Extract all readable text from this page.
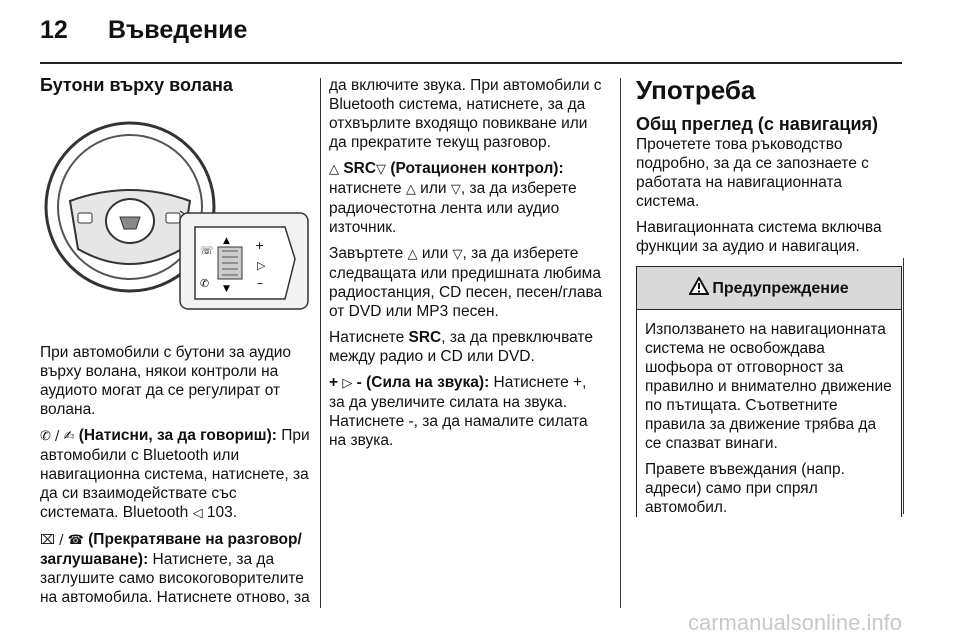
12 Въведение
Бутони върху волана
▲
▼
+
▷
–
☏
✆

При автомобили с бутони за аудио върху волана, някои контроли на аудиото могат да се регулират от волана.

✆ / ✍ (Натисни, за да говориш): При автомобили с Bluetooth или навигационна система, натиснете, за да си взаимодействате със системата. Bluetooth ◁ 103.

⌧ / ☎ (Прекратяване на разговор/ заглушаване): Натиснете, за да заглушите само високоговорителите на автомобила. Натиснете отново, за

да включите звука. При автомобили с Bluetooth система, натиснете, за да отхвърлите входящо повикване или да прекратите текущ разговор.

△ SRC▽ (Ротационен контрол): натиснете △ или ▽, за да изберете радиочестотна лента или аудио източник.

Завъртете △ или ▽, за да изберете следващата или предишната любима радиостанция, CD песен, песен/глава от DVD или MP3 песен.

Натиснете SRC, за да превключвате между радио и CD или DVD.

+ ▷ - (Сила на звука): Натиснете +, за да увеличите силата на звука. Натиснете -, за да намалите силата на звука.

Употреба
Общ преглед (с навигация)

Прочетете това ръководство подробно, за да се запознаете с работата на навигационната система.

Навигационната система включва функции за аудио и навигация.

Предупреждение

Използването на навигационната система не освобождава шофьора от отговорност за правилно и внимателно движение по пътищата. Съответните правила за движение трябва да се спазват винаги.

Правете въвеждания (напр. адреси) само при спрял автомобил.

carmanualsonline.info
